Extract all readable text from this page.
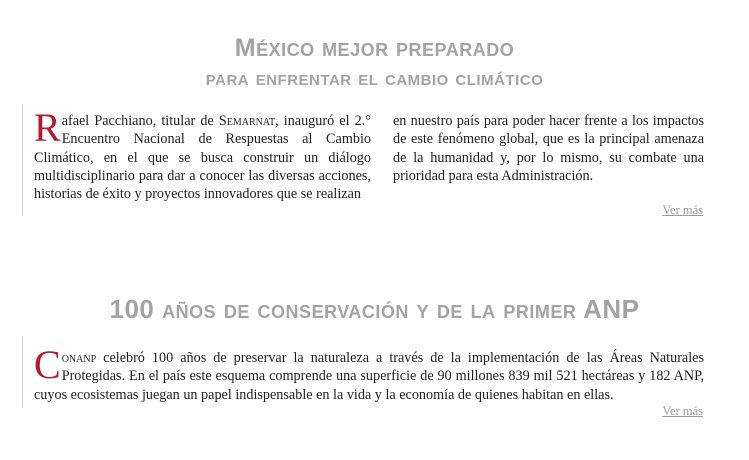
México mejor preparado
para enfrentar el cambio climático
Rafael Pacchiano, titular de Semarnat, inauguró el 2.° Encuentro Nacional de Respuestas al Cambio Climático, en el que se busca construir un diálogo multidisciplinario para dar a conocer las diversas acciones, historias de éxito y proyectos innovadores que se realizan
en nuestro país para poder hacer frente a los impactos de este fenómeno global, que es la principal amenaza de la humanidad y, por lo mismo, su combate una prioridad para esta Administración.
Ver más
100 años de conservación y de la primer ANP
Conanp celebró 100 años de preservar la naturaleza a través de la implementación de las Áreas Naturales Protegidas. En el país este esquema comprende una superficie de 90 millones 839 mil 521 hectáreas y 182 ANP, cuyos ecosistemas juegan un papel indispensable en la vida y la economía de quienes habitan en ellas.
Ver más
